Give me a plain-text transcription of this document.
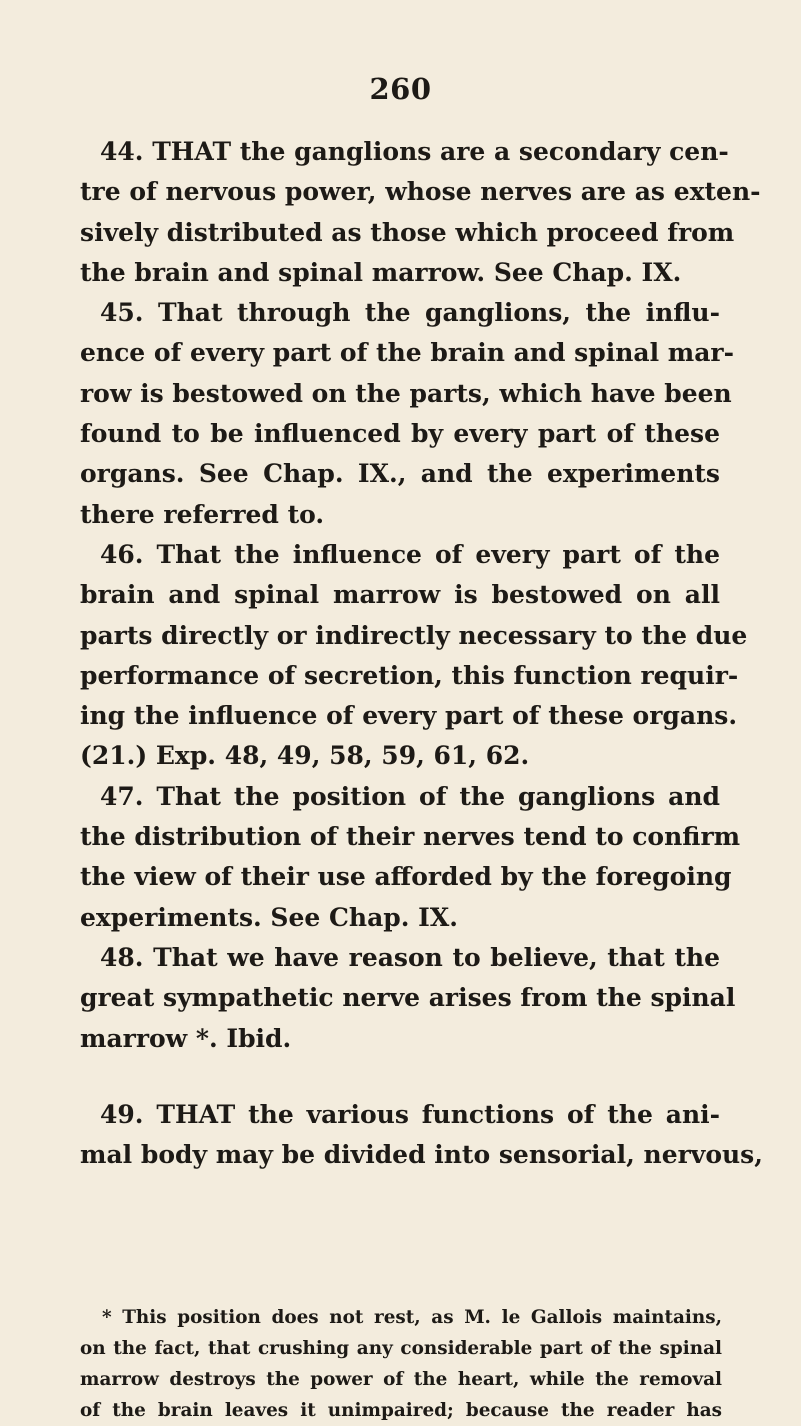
260
44. THAT the ganglions are a secondary cen-
tre of nervous power, whose nerves are as exten-
sively distributed as those which proceed from
the brain and spinal marrow. See Chap. IX.
45. That through the ganglions, the influ-
ence of every part of the brain and spinal mar-
row is bestowed on the parts, which have been
found to be influenced by every part of these
organs. See Chap. IX., and the experiments
there referred to.
46. That the influence of every part of the
brain and spinal marrow is bestowed on all
parts directly or indirectly necessary to the due
performance of secretion, this function requir-
ing the influence of every part of these organs.
(21.) Exp. 48, 49, 58, 59, 61, 62.
47. That the position of the ganglions and
the distribution of their nerves tend to confirm
the view of their use afforded by the foregoing
experiments. See Chap. IX.
48. That we have reason to believe, that the
great sympathetic nerve arises from the spinal
marrow *. Ibid.
49. THAT the various functions of the ani-
mal body may be divided into sensorial, nervous,
* This position does not rest, as M. le Gallois maintains,
on the fact, that crushing any considerable part of the spinal
marrow destroys the power of the heart, while the removal
of the brain leaves it unimpaired; because the reader has
